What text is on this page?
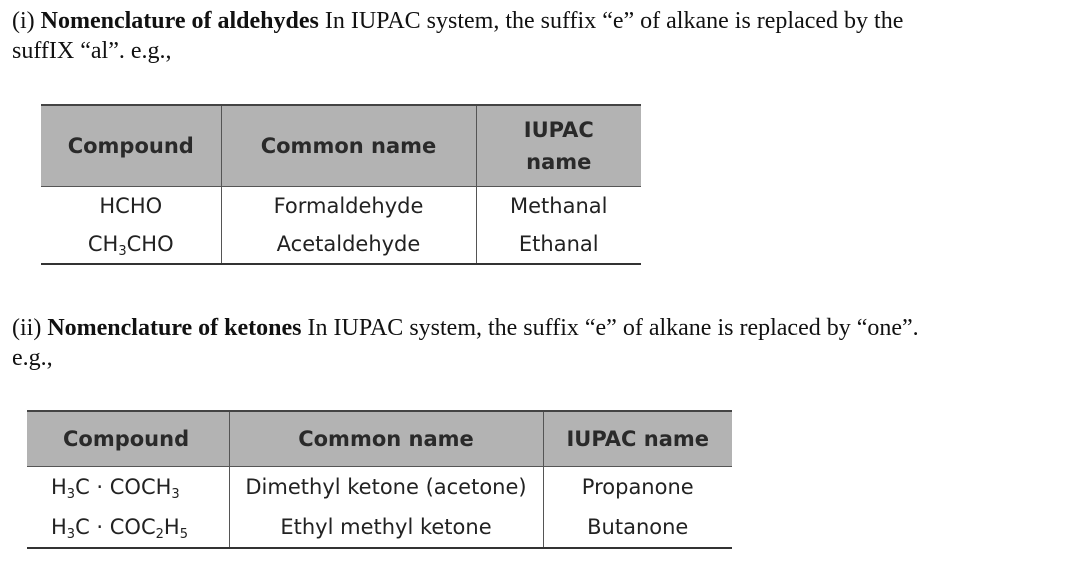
(i) Nomenclature of aldehydes In IUPAC system, the suffix “e” of alkane is replaced by the
suffIX “al”. e.g.,
Compound	Common name	IUPAC name
HCHO	Formaldehyde	Methanal
$CH_3CHO$	Acetaldehyde	Ethanal
(ii) Nomenclature of ketones In IUPAC system, the suffix “e” of alkane is replaced by “one”.
e.g.,
Compound	Common name	IUPAC name
$H_3C$ · $COCH_3$	Dimethyl ketone (acetone)	Propanone
$H_3C \cdot COC_2H_5$	Ethyl methyl ketone	Butanone
